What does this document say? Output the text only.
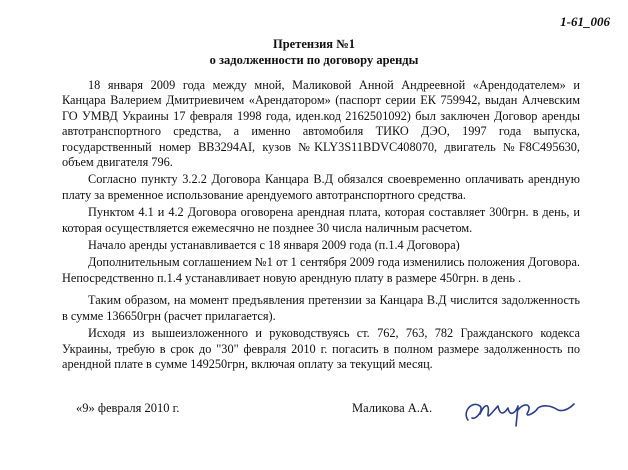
1-61_006
Претензия №1
о задолженности по договору аренды

18 января 2009 года между мной, Маликовой Анной Андреевной «Арендодателем» и Канцара Валерием Дмитриевичем «Арендатором» (паспорт серии ЕК 759942, выдан Алчевским ГО УМВД Украины 17 февраля 1998 года, иден.код 2162501092) был заключен Договор аренды автотранспортного средства, а именно автомобиля ТИКО ДЭО, 1997 года выпуска, государственный номер ВВ3294АІ, кузов №KLY3S11BDVC408070, двигатель №F8C495630, объем двигателя 796.

Согласно пункту 3.2.2 Договора Канцара В.Д обязался своевременно оплачивать арендную плату за временное использование арендуемого автотранспортного средства.

Пунктом 4.1 и 4.2 Договора оговорена арендная плата, которая составляет 300грн. в день, и которая осуществляется ежемесячно не позднее 30 числа наличным расчетом.

Начало аренды устанавливается с 18 января 2009 года (п.1.4 Договора)

Дополнительным соглашением №1 от 1 сентября 2009 года изменились положения Договора. Непосредственно п.1.4 устанавливает новую арендную плату в размере 450грн. в день .

Таким образом, на момент предъявления претензии за Канцара В.Д числится задолженность в сумме 136650грн (расчет прилагается).

Исходя из вышеизложенного и руководствуясь ст. 762, 763, 782 Гражданского кодекса Украины, требую в срок до "30" февраля 2010 г. погасить в полном размере задолженность по арендной плате в сумме 149250грн, включая оплату за текущий месяц.

«9» февраля 2010 г.	Маликова А.А.
